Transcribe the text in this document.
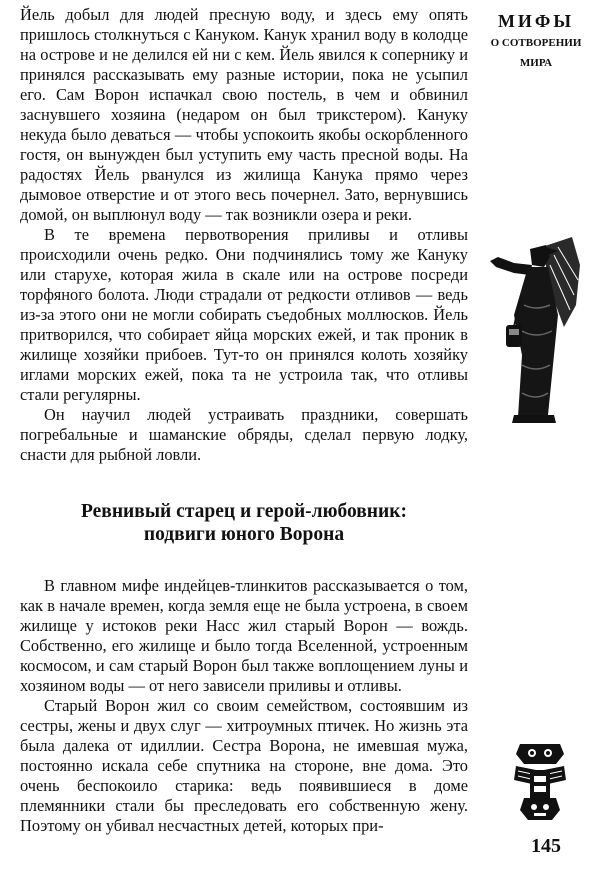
Йель добыл для людей пресную воду, и здесь ему опять пришлось столкнуться с Кануком. Канук хранил воду в колодце на острове и не делился ей ни с кем. Йель явился к сопернику и принялся рассказывать ему разные истории, пока не усыпил его. Сам Ворон испачкал свою постель, в чем и обвинил заснувшего хозяина (недаром он был трикстером). Кануку некуда было деваться — чтобы успокоить якобы оскорбленного гостя, он вынужден был уступить ему часть пресной воды. На радостях Йель рванулся из жилища Канука прямо через дымовое отверстие и от этого весь почернел. Зато, вернувшись домой, он выплюнул воду — так возникли озера и реки.

В те времена первотворения приливы и отливы происходили очень редко. Они подчинялись тому же Кануку или старухе, которая жила в скале или на острове посреди торфяного болота. Люди страдали от редкости отливов — ведь из-за этого они не могли собирать съедобных моллюсков. Йель притворился, что собирает яйца морских ежей, и так проник в жилище хозяйки прибоев. Тут-то он принялся колоть хозяйку иглами морских ежей, пока та не устроила так, что отливы стали регулярны.

Он научил людей устраивать праздники, совершать погребальные и шаманские обряды, сделал первую лодку, снасти для рыбной ловли.

Ревнивый старец и герой-любовник:
подвиги юного Ворона

В главном мифе индейцев-тлинкитов рассказывается о том, как в начале времен, когда земля еще не была устроена, в своем жилище у истоков реки Насс жил старый Ворон — вождь. Собственно, его жилище и было тогда Вселенной, устроенным космосом, и сам старый Ворон был также воплощением луны и хозяином воды — от него зависели приливы и отливы.

Старый Ворон жил со своим семейством, состоявшим из сестры, жены и двух слуг — хитроумных птичек. Но жизнь эта была далека от идиллии. Сестра Ворона, не имевшая мужа, постоянно искала себе спутника на стороне, вне дома. Это очень беспокоило старика: ведь появившиеся в доме племянники стали бы преследовать его собственную жену. Поэтому он убивал несчастных детей, которых при-

МИФЫ
О СОТВОРЕНИИ
МИРА
145
